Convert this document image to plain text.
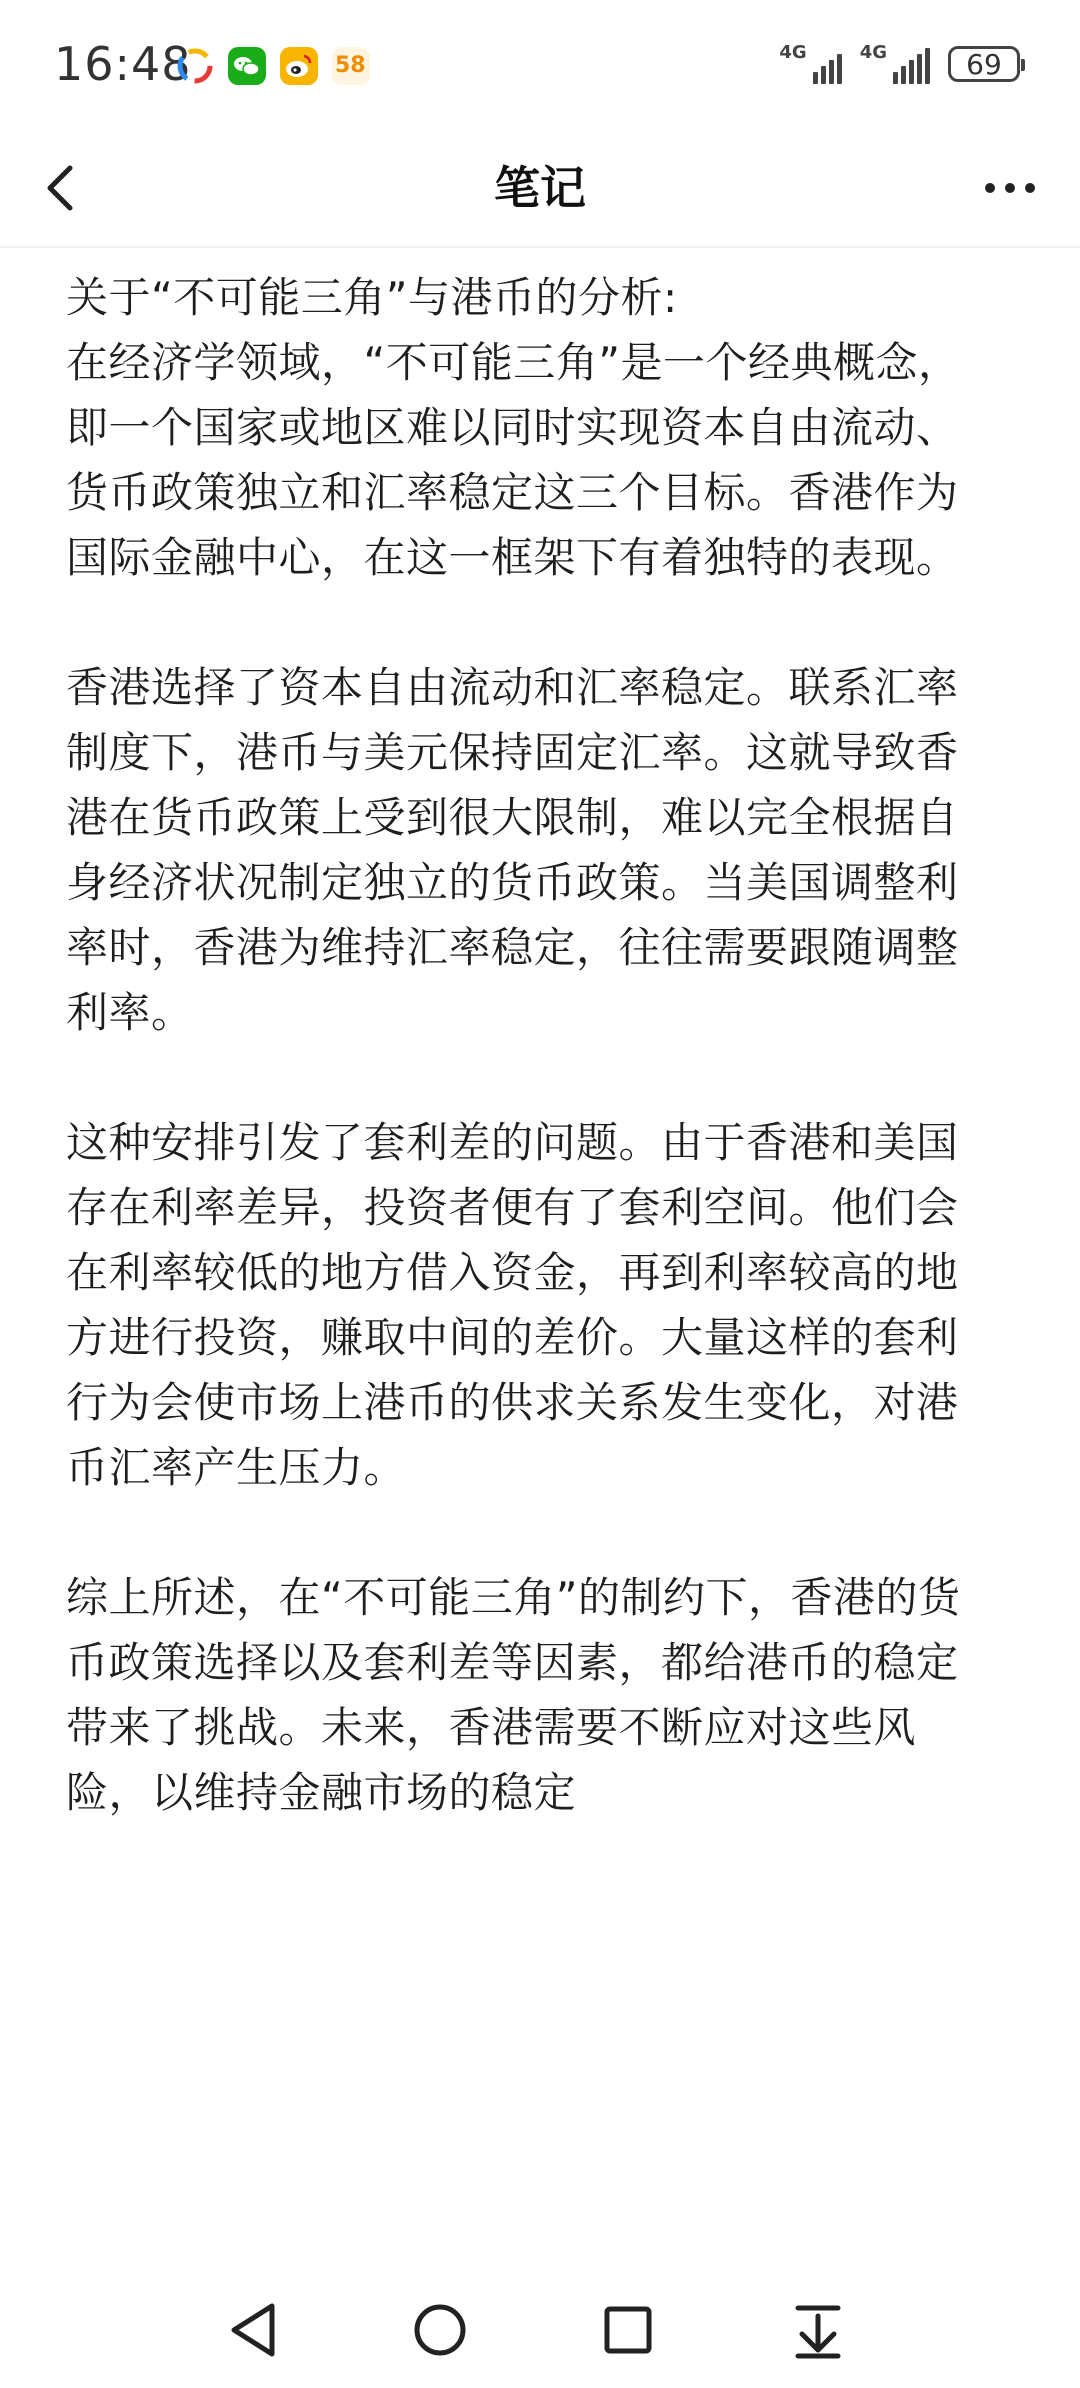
16:48	58
4G	4G	69
笔记

关于“不可能三角”与港币的分析:

在经济学领域，“不可能三角”是一个经典概念，即一个国家或地区难以同时实现资本自由流动、货币政策独立和汇率稳定这三个目标。香港作为国际金融中心，在这一框架下有着独特的表现。

香港选择了资本自由流动和汇率稳定。联系汇率制度下，港币与美元保持固定汇率。这就导致香港在货币政策上受到很大限制，难以完全根据自身经济状况制定独立的货币政策。当美国调整利率时，香港为维持汇率稳定，往往需要跟随调整利率。

这种安排引发了套利差的问题。由于香港和美国存在利率差异，投资者便有了套利空间。他们会在利率较低的地方借入资金，再到利率较高的地方进行投资，赚取中间的差价。大量这样的套利行为会使市场上港币的供求关系发生变化，对港币汇率产生压力。

综上所述，在“不可能三角”的制约下，香港的货币政策选择以及套利差等因素，都给港币的稳定带来了挑战。未来，香港需要不断应对这些风险，以维持金融市场的稳定
